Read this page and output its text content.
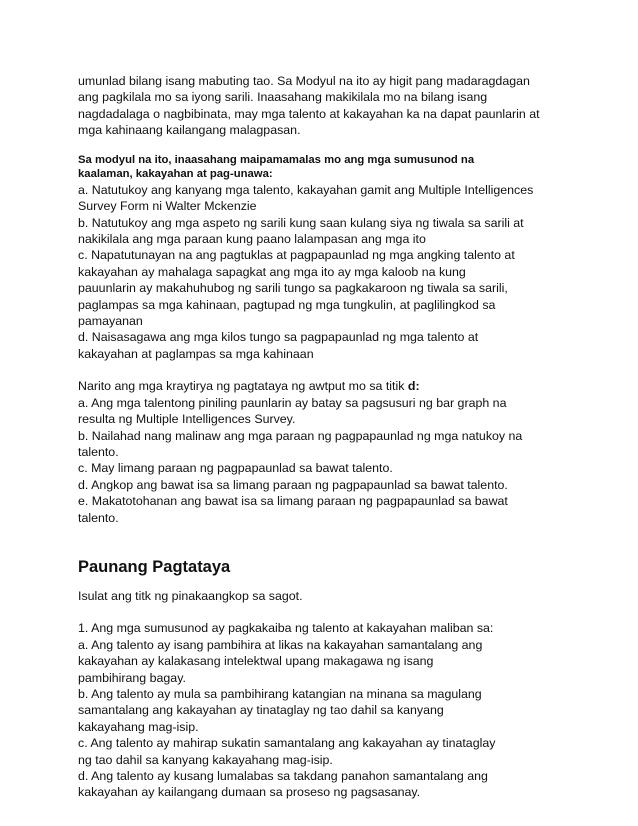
umunlad bilang isang mabuting tao. Sa Modyul na ito ay higit pang madaragdagan
ang pagkilala mo sa iyong sarili. Inaasahang makikilala mo na bilang isang
nagdadalaga o nagbibinata, may mga talento at kakayahan ka na dapat paunlarin at
mga kahinaang kailangang malagpasan.

Sa modyul na ito, inaasahang maipamamalas mo ang mga sumusunod na
kaalaman, kakayahan at pag-unawa:

a. Natutukoy ang kanyang mga talento, kakayahan gamit ang Multiple Intelligences
Survey Form ni Walter Mckenzie
b. Natutukoy ang mga aspeto ng sarili kung saan kulang siya ng tiwala sa sarili at
nakikilala ang mga paraan kung paano lalampasan ang mga ito
c. Napatutunayan na ang pagtuklas at pagpapaunlad ng mga angking talento at
kakayahan ay mahalaga sapagkat ang mga ito ay mga kaloob na kung
pauunlarin ay makahuhubog ng sarili tungo sa pagkakaroon ng tiwala sa sarili,
paglampas sa mga kahinaan, pagtupad ng mga tungkulin, at paglilingkod sa
pamayanan
d. Naisasagawa ang mga kilos tungo sa pagpapaunlad ng mga talento at
kakayahan at paglampas sa mga kahinaan

Narito ang mga kraytirya ng pagtataya ng awtput mo sa titik d:
a. Ang mga talentong piniling paunlarin ay batay sa pagsusuri ng bar graph na
resulta ng Multiple Intelligences Survey.
b. Nailahad nang malinaw ang mga paraan ng pagpapaunlad ng mga natukoy na
talento.
c. May limang paraan ng pagpapaunlad sa bawat talento.
d. Angkop ang bawat isa sa limang paraan ng pagpapaunlad sa bawat talento.
e. Makatotohanan ang bawat isa sa limang paraan ng pagpapaunlad sa bawat
talento.

Paunang Pagtataya

Isulat ang titk ng pinakaangkop sa sagot.

1. Ang mga sumusunod ay pagkakaiba ng talento at kakayahan maliban sa:
a. Ang talento ay isang pambihira at likas na kakayahan samantalang ang
kakayahan ay kalakasang intelektwal upang makagawa ng isang
pambihirang bagay.
b. Ang talento ay mula sa pambihirang katangian na minana sa magulang
samantalang ang kakayahan ay tinataglay ng tao dahil sa kanyang
kakayahang mag-isip.
c. Ang talento ay mahirap sukatin samantalang ang kakayahan ay tinataglay
ng tao dahil sa kanyang kakayahang mag-isip.
d. Ang talento ay kusang lumalabas sa takdang panahon samantalang ang
kakayahan ay kailangang dumaan sa proseso ng pagsasanay.
